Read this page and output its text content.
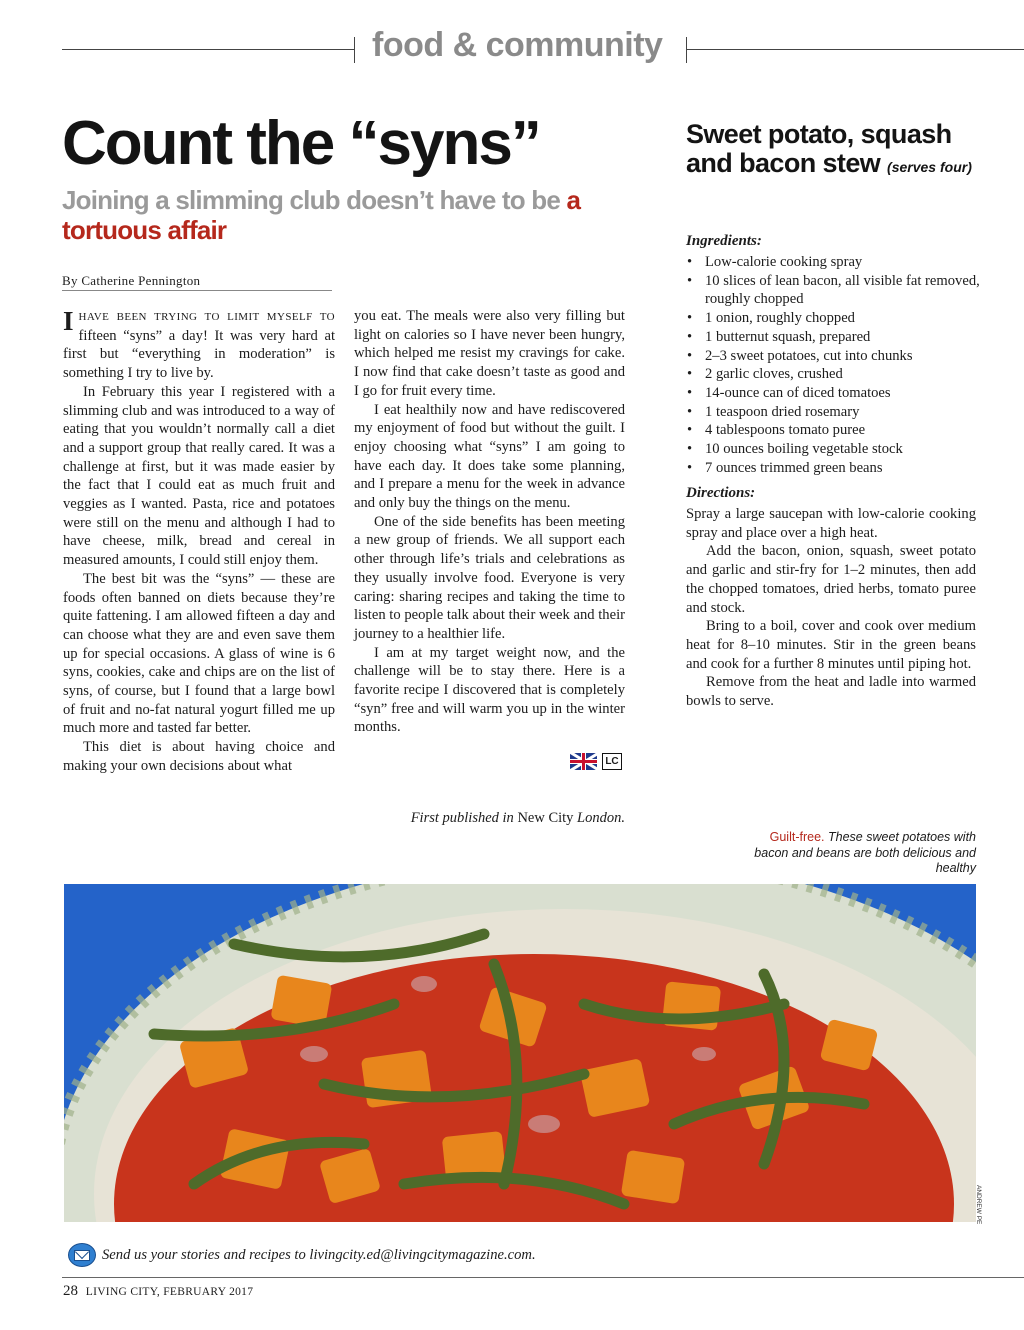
food & community
Count the “syns”
Joining a slimming club doesn’t have to be a tortuous affair
By Catherine Pennington

IHAVE BEEN TRYING TO LIMIT MYSELF TO fifteen “syns” a day! It was very hard at first but “everything in moderation” is something I try to live by.

In February this year I registered with a slimming club and was introduced to a way of eating that you wouldn’t normally call a diet and a support group that really cared. It was a challenge at first, but it was made easier by the fact that I could eat as much fruit and veggies as I wanted. Pasta, rice and potatoes were still on the menu and although I had to have cheese, milk, bread and cereal in measured amounts, I could still enjoy them.

The best bit was the “syns” — these are foods often banned on diets because they’re quite fattening. I am allowed fifteen a day and can choose what they are and even save them up for special occasions. A glass of wine is 6 syns, cookies, cake and chips are on the list of syns, of course, but I found that a large bowl of fruit and no-fat natural yogurt filled me up much more and tasted far better.

This diet is about having choice and making your own decisions about what

you eat. The meals were also very filling but light on calories so I have never been hungry, which helped me resist my cravings for cake. I now find that cake doesn’t taste as good and I go for fruit every time.

I eat healthily now and have rediscovered my enjoyment of food but without the guilt. I enjoy choosing what “syns” I am going to have each day. It does take some planning, and I prepare a menu for the week in advance and only buy the things on the menu.

One of the side benefits has been meeting a new group of friends. We all support each other through life’s trials and celebrations as they usually involve food. Everyone is very caring: sharing recipes and taking the time to listen to people talk about their week and their journey to a healthier life.

I am at my target weight now, and the challenge will be to stay there. Here is a favorite recipe I discovered that is completely “syn” free and will warm you up in the winter months.

LC
First published in New City London.
Sweet potato, squash and bacon stew (serves four)
Ingredients:
• Low-calorie cooking spray
• 10 slices of lean bacon, all visible fat removed, roughly chopped
• 1 onion, roughly chopped
• 1 butternut squash, prepared
• 2–3 sweet potatoes, cut into chunks
• 2 garlic cloves, crushed
• 14-ounce can of diced tomatoes
• 1 teaspoon dried rosemary
• 4 tablespoons tomato puree
• 10 ounces boiling vegetable stock
• 7 ounces trimmed green beans
Directions:

Spray a large saucepan with low-calorie cooking spray and place over a high heat.

Add the bacon, onion, squash, sweet potato and garlic and stir-fry for 1–2 minutes, then add the chopped tomatoes, dried herbs, tomato puree and stock.

Bring to a boil, cover and cook over medium heat for 8–10 minutes. Stir in the green beans and cook for a further 8 minutes until piping hot.

Remove from the heat and ladle into warmed bowls to serve.

Guilt-free. These sweet potatoes with bacon and beans are both delicious and healthy
ANDREW PE
Send us your stories and recipes to livingcity.ed@livingcitymagazine.com.
28 LIVING CITY, FEBRUARY 2017
